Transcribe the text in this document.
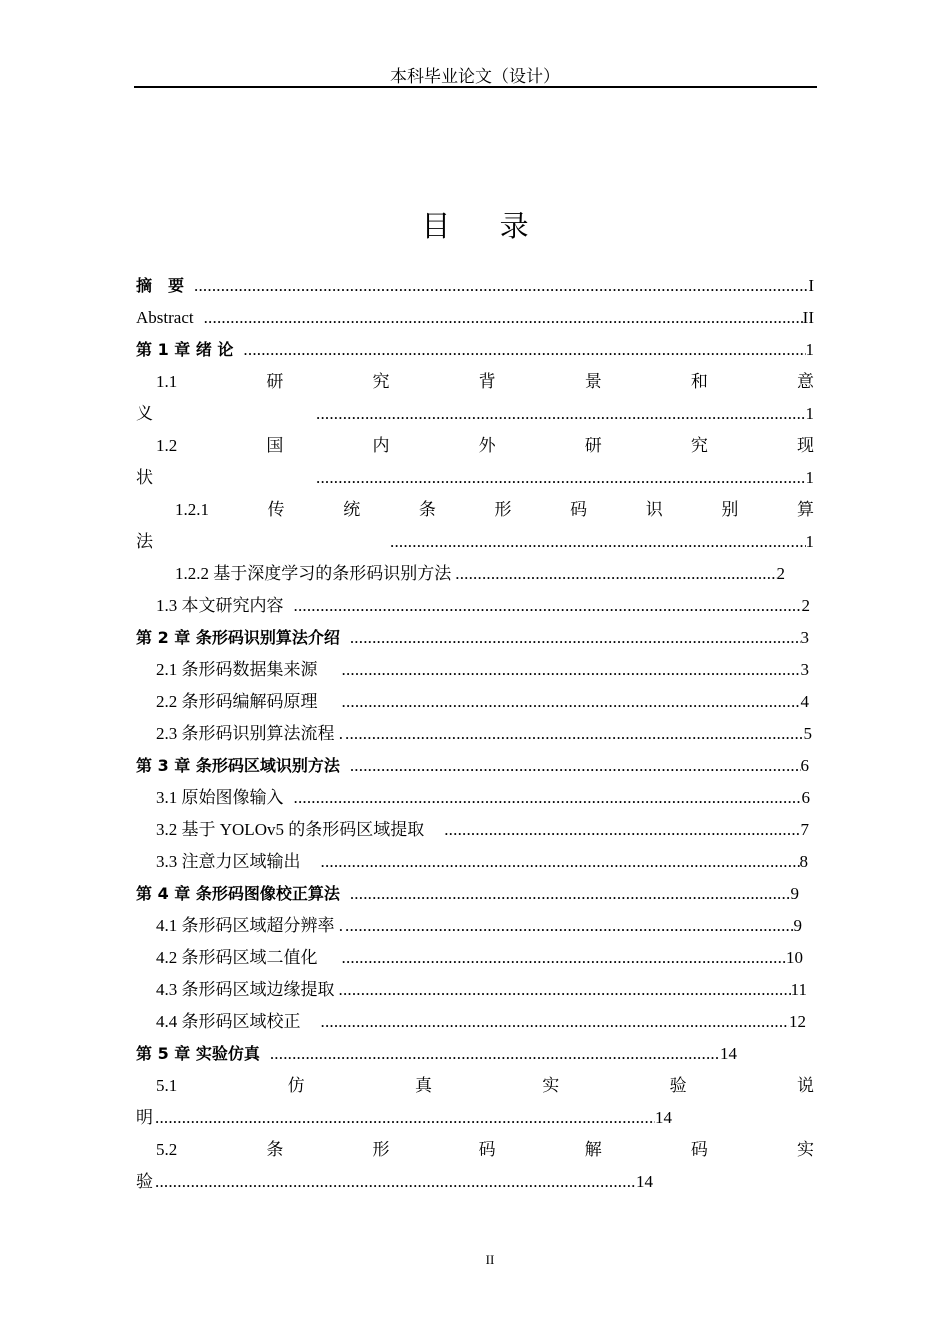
本科毕业论文（设计）
目 录
摘　要 .....	I
Abstract .....	II
第 1 章 绪 论 .....	1
1.1	研	究	背	景	和	意
义 .....	1
1.2	国	内	外	研	究	现
状 .....	1
1.2.1	传	统	条	形	码	识	别	算
法 .....	1
1.2.2 基于深度学习的条形码识别方法 .....	2
1.3 本文研究内容 .....	2
第 2 章 条形码识别算法介绍 .....	3
2.1 条形码数据集来源 .....	3
2.2 条形码编解码原理 .....	4
2.3 条形码识别算法流程 . .....	5
第 3 章 条形码区域识别方法 .....	6
3.1 原始图像输入 .....	6
3.2 基于 YOLOv5 的条形码区域提取 .....	7
3.3 注意力区域输出 .....	8
第 4 章 条形码图像校正算法 .....	9
4.1 条形码区域超分辨率 . .....	9
4.2 条形码区域二值化 .....	10
4.3 条形码区域边缘提取 .....	11
4.4 条形码区域校正 .....	12
第 5 章 实验仿真 .....	14
5.1	仿	真	实	验	说
明 .....	14
5.2	条	形	码	解	码	实
验 .....	14
II
